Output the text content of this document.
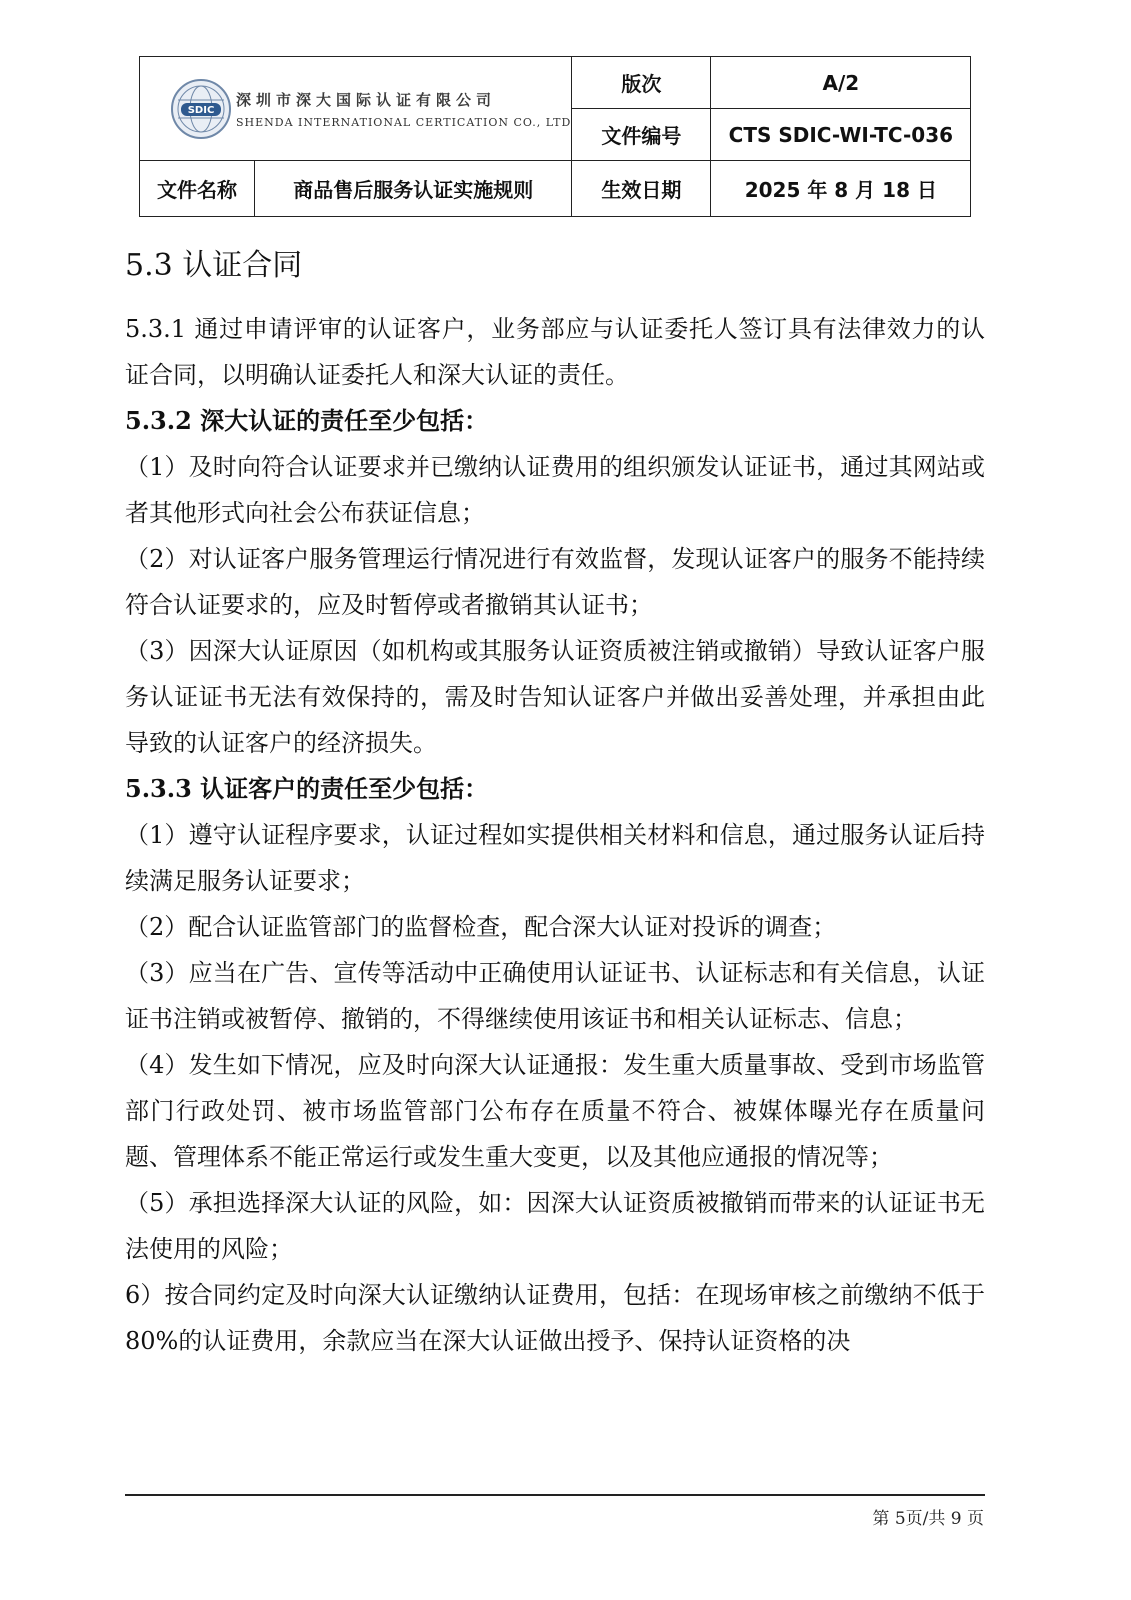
SDIC
深圳市深大国际认证有限公司
SHENDA INTERNATIONAL CERTICATION CO., LTD		版次	A/2
		文件编号	CTS SDIC-WI-TC-036
文件名称	商品售后服务认证实施规则	生效日期	2025 年 8 月 18 日
5.3 认证合同

5.3.1 通过申请评审的认证客户，业务部应与认证委托人签订具有法律效力的认证合同，以明确认证委托人和深大认证的责任。

5.3.2 深大认证的责任至少包括：

（1）及时向符合认证要求并已缴纳认证费用的组织颁发认证证书，通过其网站或者其他形式向社会公布获证信息；

（2）对认证客户服务管理运行情况进行有效监督，发现认证客户的服务不能持续符合认证要求的，应及时暂停或者撤销其认证书；

（3）因深大认证原因（如机构或其服务认证资质被注销或撤销）导致认证客户服务认证证书无法有效保持的，需及时告知认证客户并做出妥善处理，并承担由此导致的认证客户的经济损失。

5.3.3 认证客户的责任至少包括：

（1）遵守认证程序要求，认证过程如实提供相关材料和信息，通过服务认证后持续满足服务认证要求；

（2）配合认证监管部门的监督检查，配合深大认证对投诉的调查；

（3）应当在广告、宣传等活动中正确使用认证证书、认证标志和有关信息，认证证书注销或被暂停、撤销的，不得继续使用该证书和相关认证标志、信息；

（4）发生如下情况，应及时向深大认证通报：发生重大质量事故、受到市场监管部门行政处罚、被市场监管部门公布存在质量不符合、被媒体曝光存在质量问题、管理体系不能正常运行或发生重大变更，以及其他应通报的情况等；

（5）承担选择深大认证的风险，如：因深大认证资质被撤销而带来的认证证书无法使用的风险；

6）按合同约定及时向深大认证缴纳认证费用，包括：在现场审核之前缴纳不低于 80%的认证费用，余款应当在深大认证做出授予、保持认证资格的决

第 5页/共 9 页
